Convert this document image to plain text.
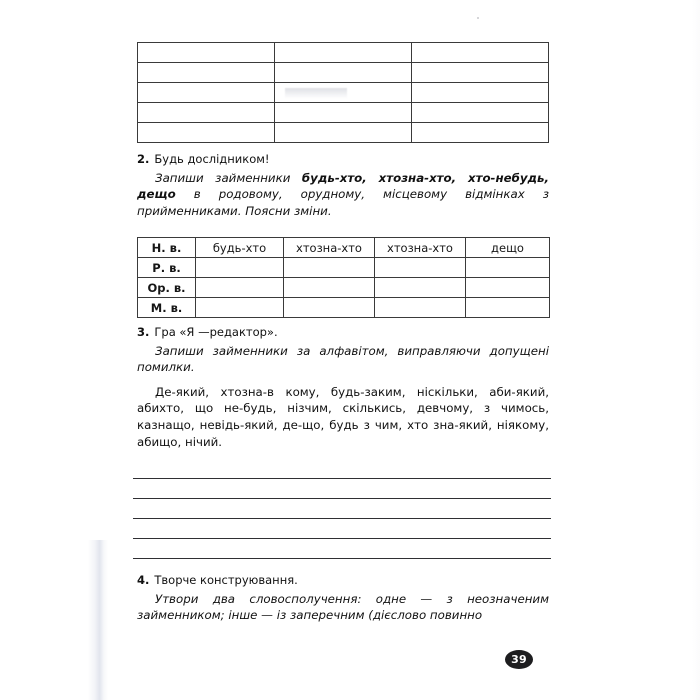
2. Будь дослідником!

Запиши займенники будь-хто, хтозна-хто, хто-небудь, дещо в родовому, орудному, місцевому відмінках з прийменниками. Поясни зміни.

Н. в.	будь-хто	хтозна-хто	хтозна-хто	дещо
Р. в.				
Ор. в.				
М. в.				

3. Гра «Я —редактор».

Запиши займенники за алфавітом, виправляючи допущені помилки.

Де-який, хтозна-в кому, будь-заким, ніскільки, аби-який, абихто, що не-будь, нізчим, скількись, девчому, з чимось, казнащо, невідь-який, де-що, будь з чим, хто зна-який, ніякому, абищо, нічий.

4. Творче конструювання.

Утвори два словосполучення: одне — з неозначеним займенником; інше — із заперечним (дієслово повинно

39
